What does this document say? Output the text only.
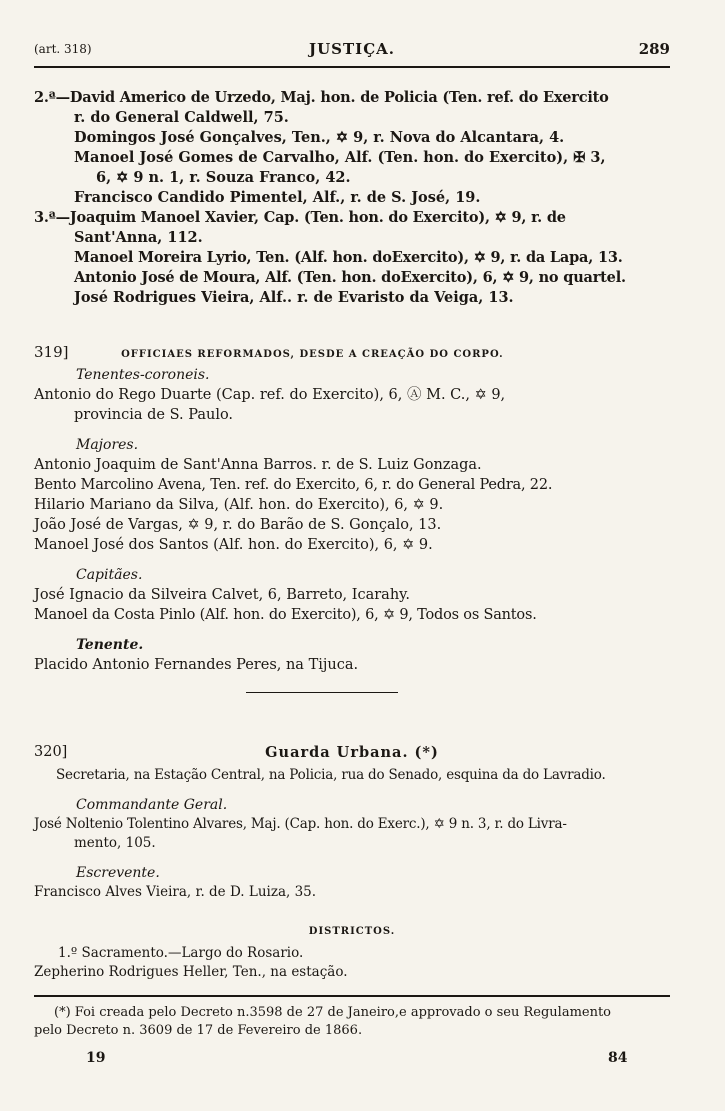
(art. 318)	JUSTIÇA.	289
2.ª—David Americo de Urzedo, Maj. hon. de Policia (Ten. ref. do Exercito
r. do General Caldwell, 75.
Domingos José Gonçalves, Ten., ✡ 9, r. Nova do Alcantara, 4.
Manoel José Gomes de Carvalho, Alf. (Ten. hon. do Exercito), ✠ 3,
6, ✡ 9 n. 1, r. Souza Franco, 42.
Francisco Candido Pimentel, Alf., r. de S. José, 19.
3.ª—Joaquim Manoel Xavier, Cap. (Ten. hon. do Exercito), ✡ 9, r. de
Sant'Anna, 112.
Manoel Moreira Lyrio, Ten. (Alf. hon. doExercito), ✡ 9, r. da Lapa, 13.
Antonio José de Moura, Alf. (Ten. hon. doExercito), 6, ✡ 9, no quartel.
José Rodrigues Vieira, Alf.. r. de Evaristo da Veiga, 13.
319]	OFFICIAES REFORMADOS, DESDE A CREAÇÃO DO CORPO.
Tenentes-coroneis.
Antonio do Rego Duarte (Cap. ref. do Exercito), 6, Ⓐ M. C., ✡ 9,
provincia de S. Paulo.
Majores.
Antonio Joaquim de Sant'Anna Barros. r. de S. Luiz Gonzaga.
Bento Marcolino Avena, Ten. ref. do Exercito, 6, r. do General Pedra, 22.
Hilario Mariano da Silva, (Alf. hon. do Exercito), 6, ✡ 9.
João José de Vargas, ✡ 9, r. do Barão de S. Gonçalo, 13.
Manoel José dos Santos (Alf. hon. do Exercito), 6, ✡ 9.
Capitães.
José Ignacio da Silveira Calvet, 6, Barreto, Icarahy.
Manoel da Costa Pinlo (Alf. hon. do Exercito), 6, ✡ 9, Todos os Santos.
Tenente.
Placido Antonio Fernandes Peres, na Tijuca.
320]	Guarda Urbana. (*)
Secretaria, na Estação Central, na Policia, rua do Senado, esquina da do Lavradio.
Commandante Geral.
José Noltenio Tolentino Alvares, Maj. (Cap. hon. do Exerc.), ✡ 9 n. 3, r. do Livra-
mento, 105.
Escrevente.
Francisco Alves Vieira, r. de D. Luiza, 35.
DISTRICTOS.
1.º Sacramento.—Largo do Rosario.
Zepherino Rodrigues Heller, Ten., na estação.
(*) Foi creada pelo Decreto n.3598 de 27 de Janeiro,e approvado o seu Regulamento
pelo Decreto n. 3609 de 17 de Fevereiro de 1866.
19	84
